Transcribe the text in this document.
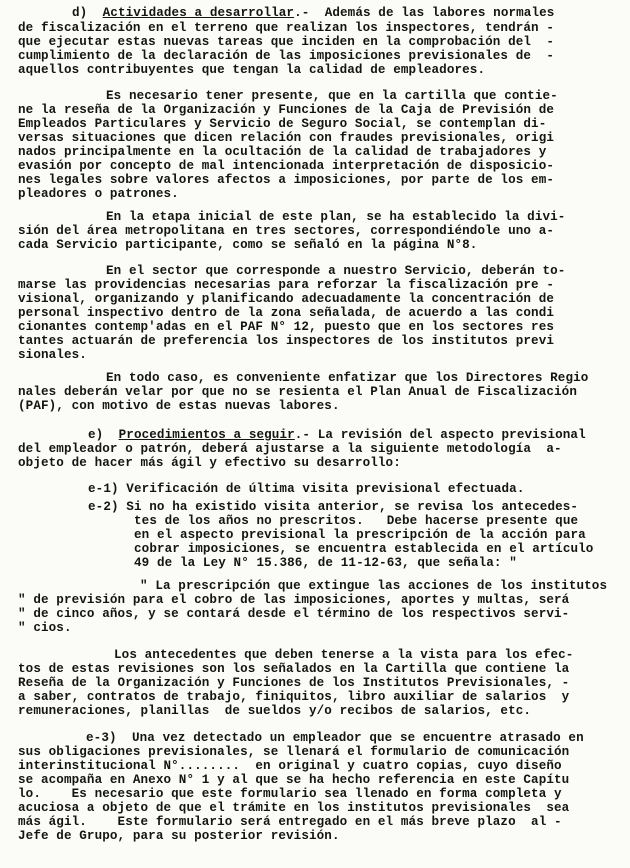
d)  Actividades a desarrollar.-  Además de las labores normales
de fiscalización en el terreno que realizan los inspectores, tendrán -
que ejecutar estas nuevas tareas que inciden en la comprobación del  -
cumplimiento de la declaración de las imposiciones previsionales de  -
aquellos contribuyentes que tengan la calidad de empleadores.
Es necesario tener presente, que en la cartilla que contie-
ne la reseña de la Organización y Funciones de la Caja de Previsión de
Empleados Particulares y Servicio de Seguro Social, se contemplan di-
versas situaciones que dicen relación con fraudes previsionales, origi
nados principalmente en la ocultación de la calidad de trabajadores y
evasión por concepto de mal intencionada interpretación de disposicio-
nes legales sobre valores afectos a imposiciones, por parte de los em-
pleadores o patrones.
En la etapa inicial de este plan, se ha establecido la divi-
sión del área metropolitana en tres sectores, correspondiéndole uno a-
cada Servicio participante, como se señaló en la página N°8.
En el sector que corresponde a nuestro Servicio, deberán to-
marse las providencias necesarias para reforzar la fiscalización pre -
visional, organizando y planificando adecuadamente la concentración de
personal inspectivo dentro de la zona señalada, de acuerdo a las condi
cionantes contemp'adas en el PAF N° 12, puesto que en los sectores res
tantes actuarán de preferencia los inspectores de los institutos previ
sionales.
En todo caso, es conveniente enfatizar que los Directores Regio
nales deberán velar por que no se resienta el Plan Anual de Fiscalización
(PAF), con motivo de estas nuevas labores.
e)  Procedimientos a seguir.- La revisión del aspecto previsional
del empleador o patrón, deberá ajustarse a la siguiente metodología  a-
objeto de hacer más ágil y efectivo su desarrollo:
e-1) Verificación de última visita previsional efectuada.
e-2) Si no ha existido visita anterior, se revisa los antecedes-
tes de los años no prescritos.   Debe hacerse presente que
en el aspecto previsional la prescripción de la acción para
cobrar imposiciones, se encuentra establecida en el artículo
49 de la Ley N° 15.386, de 11-12-63, que señala: "
" La prescripción que extingue las acciones de los institutos
" de previsión para el cobro de las imposiciones, aportes y multas, será
" de cinco años, y se contará desde el término de los respectivos servi-
" cios.
Los antecedentes que deben tenerse a la vista para los efec-
tos de estas revisiones son los señalados en la Cartilla que contiene la
Reseña de la Organización y Funciones de los Institutos Previsionales, -
a saber, contratos de trabajo, finiquitos, libro auxiliar de salarios  y
remuneraciones, planillas  de sueldos y/o recibos de salarios, etc.
e-3)  Una vez detectado un empleador que se encuentre atrasado en
sus obligaciones previsionales, se llenará el formulario de comunicación
interinstitucional N°........  en original y cuatro copias, cuyo diseño
se acompaña en Anexo N° 1 y al que se ha hecho referencia en este Capítu
lo.    Es necesario que este formulario sea llenado en forma completa y
acuciosa a objeto de que el trámite en los institutos previsionales  sea
más ágil.    Este formulario será entregado en el más breve plazo  al -
Jefe de Grupo, para su posterior revisión.
